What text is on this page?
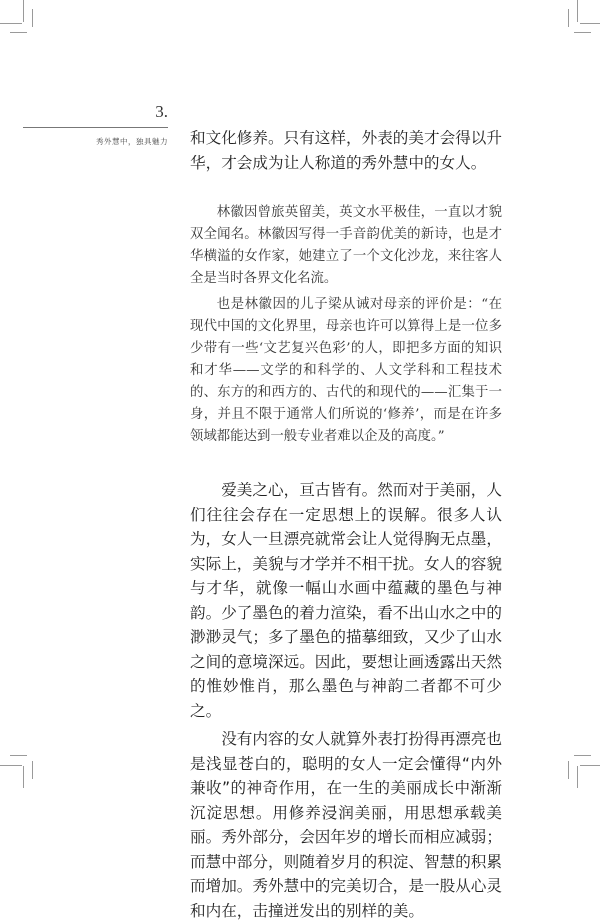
3.
秀外慧中，独具魅力 和文化修养。只有这样，外表的美才会得以升华，才会成为让人称道的秀外慧中的女人。

林徽因曾旅英留美，英文水平极佳，一直以才貌双全闻名。林徽因写得一手音韵优美的新诗，也是才华横溢的女作家，她建立了一个文化沙龙，来往客人全是当时各界文化名流。

也是林徽因的儿子梁从诫对母亲的评价是：“在现代中国的文化界里，母亲也许可以算得上是一位多少带有一些‘文艺复兴色彩’的人，即把多方面的知识和才华——文学的和科学的、人文学科和工程技术的、东方的和西方的、古代的和现代的——汇集于一身，并且不限于通常人们所说的‘修养’，而是在许多领域都能达到一般专业者难以企及的高度。”

爱美之心，亘古皆有。然而对于美丽，人们往往会存在一定思想上的误解。很多人认为，女人一旦漂亮就常会让人觉得胸无点墨，实际上，美貌与才学并不相干扰。女人的容貌与才华，就像一幅山水画中蕴藏的墨色与神韵。少了墨色的着力渲染，看不出山水之中的渺渺灵气；多了墨色的描摹细致，又少了山水之间的意境深远。因此，要想让画透露出天然的惟妙惟肖，那么墨色与神韵二者都不可少之。

没有内容的女人就算外表打扮得再漂亮也是浅显苍白的，聪明的女人一定会懂得“内外兼收”的神奇作用，在一生的美丽成长中渐渐沉淀思想。用修养浸润美丽，用思想承载美丽。秀外部分，会因年岁的增长而相应减弱；而慧中部分，则随着岁月的积淀、智慧的积累而增加。秀外慧中的完美切合，是一股从心灵和内在，击撞迸发出的别样的美。
